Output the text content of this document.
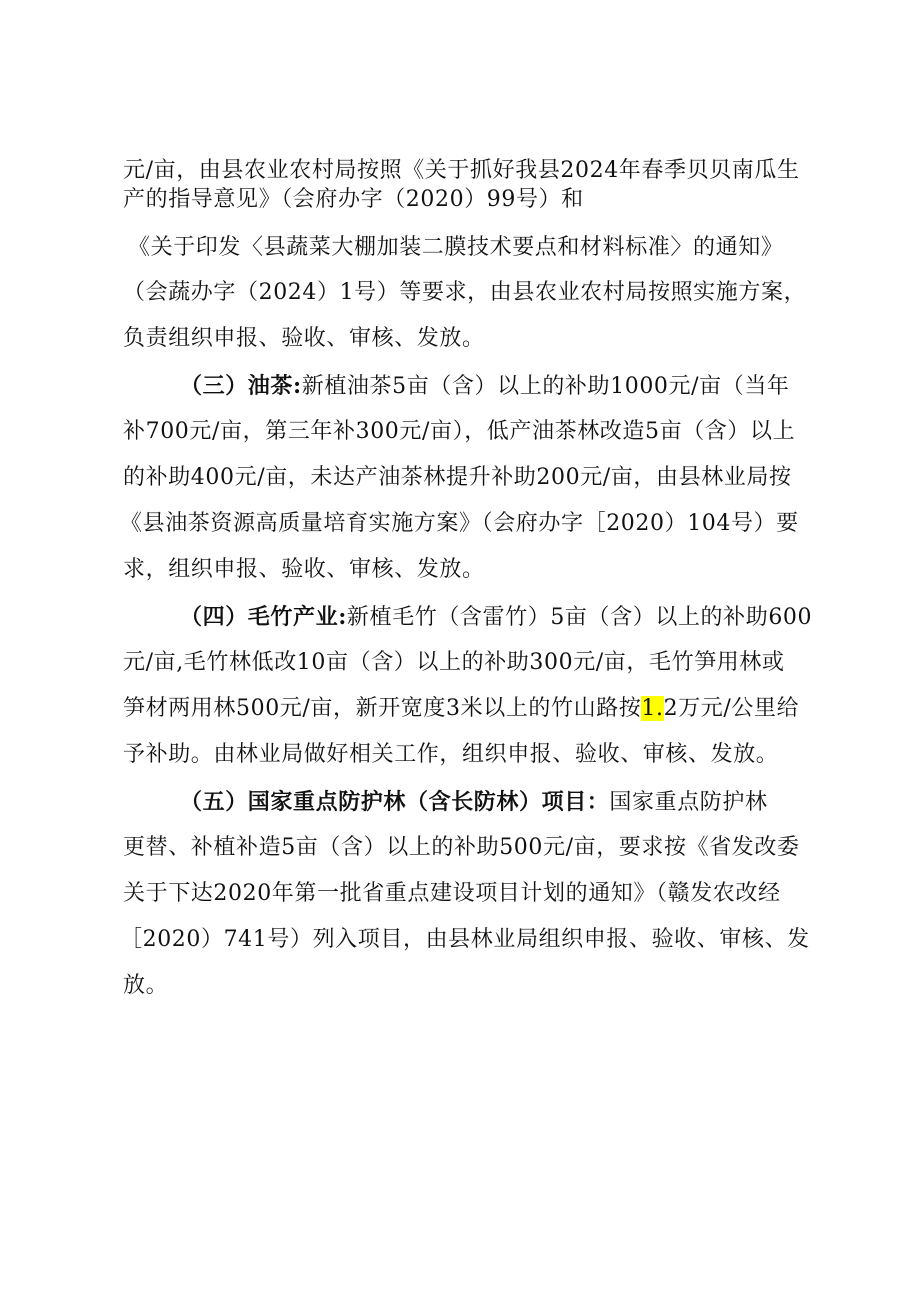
元/亩，由县农业农村局按照《关于抓好我县2024年春季贝贝南瓜生
产的指导意见》（会府办字（2020）99号）和
《关于印发〈县蔬菜大棚加装二膜技术要点和材料标准〉的通知》
（会蔬办字（2024）1号）等要求，由县农业农村局按照实施方案，
负责组织申报、验收、审核、发放。
（三）油茶:新植油茶5亩（含）以上的补助1000元/亩（当年
补700元/亩，第三年补300元/亩），低产油茶林改造5亩（含）以上
的补助400元/亩，未达产油茶林提升补助200元/亩，由县林业局按
《县油茶资源高质量培育实施方案》（会府办字［2020）104号）要
求，组织申报、验收、审核、发放。
（四）毛竹产业:新植毛竹（含雷竹）5亩（含）以上的补助600
元/亩,毛竹林低改10亩（含）以上的补助300元/亩，毛竹笋用林或
笋材两用林500元/亩，新开宽度3米以上的竹山路按1.2万元/公里给
予补助。由林业局做好相关工作，组织申报、验收、审核、发放。
（五）国家重点防护林（含长防林）项目：国家重点防护林
更替、补植补造5亩（含）以上的补助500元/亩，要求按《省发改委
关于下达2020年第一批省重点建设项目计划的通知》（赣发农改经
［2020）741号）列入项目，由县林业局组织申报、验收、审核、发
放。
